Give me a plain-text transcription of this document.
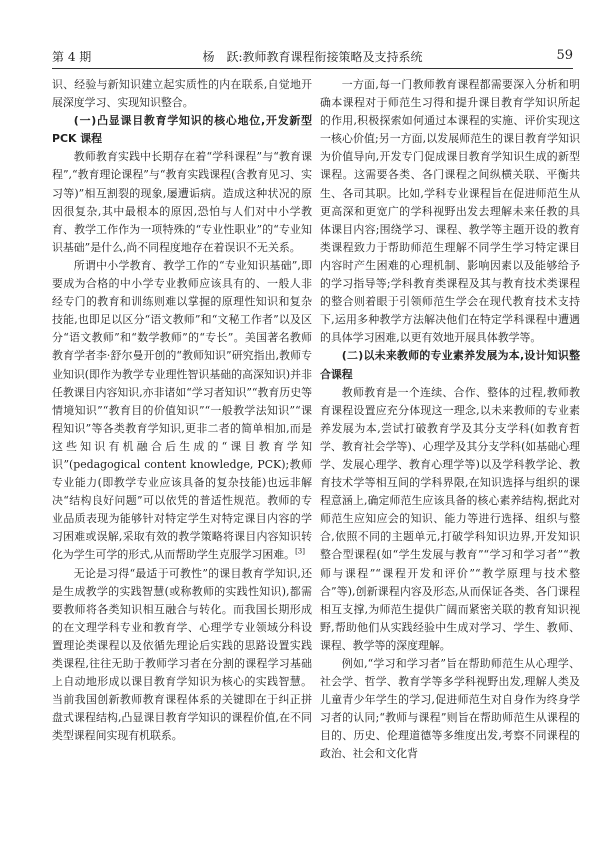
第 4 期	杨　跃:教师教育课程衔接策略及支持系统	59

识、经验与新知识建立起实质性的内在联系,自觉地开展深度学习、实现知识整合。

(一)凸显课目教育学知识的核心地位,开发新型 PCK 课程

教师教育实践中长期存在着“学科课程”与“教育课程”,“教育理论课程”与“教育实践课程(含教育见习、实习等)”相互割裂的现象,屡遭诟病。造成这种状况的原因很复杂,其中最根本的原因,恐怕与人们对中小学教育、教学工作作为一项特殊的“专业性职业”的“专业知识基础”是什么,尚不同程度地存在着误识不无关系。

所谓中小学教育、教学工作的“专业知识基础”,即要成为合格的中小学专业教师应该具有的、一般人非经专门的教育和训练则难以掌握的原理性知识和复杂技能,也即足以区分“语文教师”和“文秘工作者”以及区分“语文教师”和“数学教师”的“专长”。美国著名教师教育学者李·舒尔曼开创的“教师知识”研究指出,教师专业知识(即作为教学专业理性智识基础的高深知识)并非任教课目内容知识,亦非诸如“学习者知识”“教育历史等情境知识”“教育目的价值知识”“一般教学法知识”“课程知识”等各类教育学知识,更非二者的简单相加,而是这些知识有机融合后生成的“课目教育学知识”(pedagogical content knowledge, PCK);教师专业能力(即教学专业应该具备的复杂技能)也远非解决“结构良好问题”可以依凭的普适性规范。教师的专业品质表现为能够针对特定学生对特定课目内容的学习困难或误解,采取有效的教学策略将课目内容知识转化为学生可学的形式,从而帮助学生克服学习困难。[3]

无论是习得“最适于可教性”的课目教育学知识,还是生成教学的实践智慧(或称教师的实践性知识),都需要教师将各类知识相互融合与转化。而我国长期形成的在文理学科专业和教育学、心理学专业领域分科设置理论类课程以及依循先理论后实践的思路设置实践类课程,往往无助于教师学习者在分割的课程学习基础上自动地形成以课目教育学知识为核心的实践智慧。当前我国创新教师教育课程体系的关键即在于纠正拼盘式课程结构,凸显课目教育学知识的课程价值,在不同类型课程间实现有机联系。

一方面,每一门教师教育课程都需要深入分析和明确本课程对于师范生习得和提升课目教育学知识所起的作用,积极探索如何通过本课程的实施、评价实现这一核心价值;另一方面,以发展师范生的课目教育学知识为价值导向,开发专门促成课目教育学知识生成的新型课程。这需要各类、各门课程之间纵横关联、平衡共生、各司其职。比如,学科专业课程旨在促进师范生从更高深和更宽广的学科视野出发去理解未来任教的具体课目内容;围绕学习、课程、教学等主题开设的教育类课程致力于帮助师范生理解不同学生学习特定课目内容时产生困难的心理机制、影响因素以及能够给予的学习指导等;学科教育类课程及其与教育技术类课程的整合则着眼于引领师范生学会在现代教育技术支持下,运用多种教学方法解决他们在特定学科课程中遭遇的具体学习困难,以更有效地开展具体教学等。

(二)以未来教师的专业素养发展为本,设计知识整合课程

教师教育是一个连续、合作、整体的过程,教师教育课程设置应充分体现这一理念,以未来教师的专业素养发展为本,尝试打破教育学及其分支学科(如教育哲学、教育社会学等)、心理学及其分支学科(如基础心理学、发展心理学、教育心理学等)以及学科教学论、教育技术学等相互间的学科界限,在知识选择与组织的课程意涵上,确定师范生应该具备的核心素养结构,据此对师范生应知应会的知识、能力等进行选择、组织与整合,依照不同的主题单元,打破学科知识边界,开发知识整合型课程(如“学生发展与教育”“学习和学习者”“教师与课程”“课程开发和评价”“教学原理与技术整合”等),创新课程内容及形态,从而保证各类、各门课程相互支撑,为师范生提供广阔而紧密关联的教育知识视野,帮助他们从实践经验中生成对学习、学生、教师、课程、教学等的深度理解。

例如,“学习和学习者”旨在帮助师范生从心理学、社会学、哲学、教育学等多学科视野出发,理解人类及儿童青少年学生的学习,促进师范生对自身作为终身学习者的认同;“教师与课程”则旨在帮助师范生从课程的目的、历史、伦理道德等多维度出发,考察不同课程的政治、社会和文化背
